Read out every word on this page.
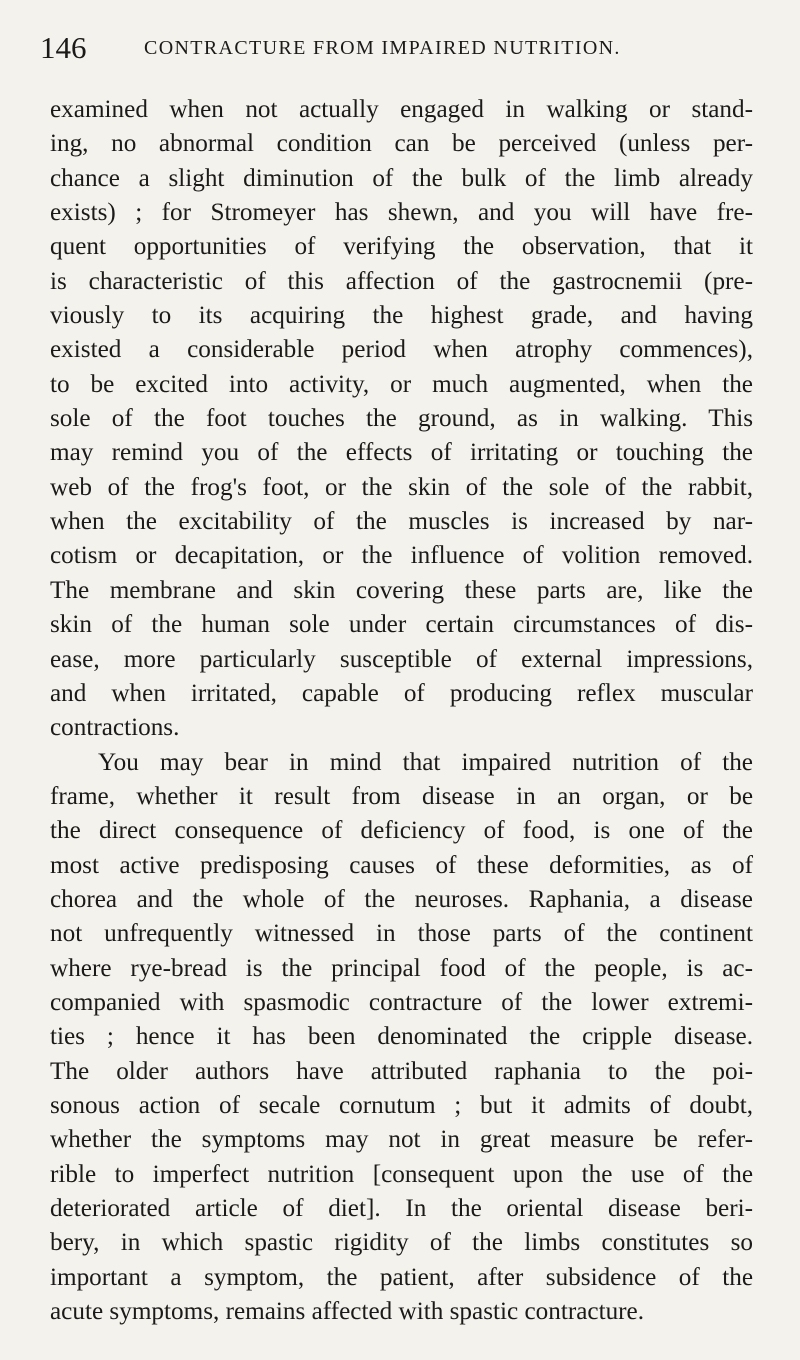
146	CONTRACTURE FROM IMPAIRED NUTRITION.
examined when not actually engaged in walking or stand-
ing, no abnormal condition can be perceived (unless per-
chance a slight diminution of the bulk of the limb already
exists) ; for Stromeyer has shewn, and you will have fre-
quent opportunities of verifying the observation, that it
is characteristic of this affection of the gastrocnemii (pre-
viously to its acquiring the highest grade, and having
existed a considerable period when atrophy commences),
to be excited into activity, or much augmented, when the
sole of the foot touches the ground, as in walking. This
may remind you of the effects of irritating or touching the
web of the frog's foot, or the skin of the sole of the rabbit,
when the excitability of the muscles is increased by nar-
cotism or decapitation, or the influence of volition removed.
The membrane and skin covering these parts are, like the
skin of the human sole under certain circumstances of dis-
ease, more particularly susceptible of external impressions,
and when irritated, capable of producing reflex muscular
contractions.
You may bear in mind that impaired nutrition of the
frame, whether it result from disease in an organ, or be
the direct consequence of deficiency of food, is one of the
most active predisposing causes of these deformities, as of
chorea and the whole of the neuroses. Raphania, a disease
not unfrequently witnessed in those parts of the continent
where rye-bread is the principal food of the people, is ac-
companied with spasmodic contracture of the lower extremi-
ties ; hence it has been denominated the cripple disease.
The older authors have attributed raphania to the poi-
sonous action of secale cornutum ; but it admits of doubt,
whether the symptoms may not in great measure be refer-
rible to imperfect nutrition [consequent upon the use of the
deteriorated article of diet]. In the oriental disease beri-
bery, in which spastic rigidity of the limbs constitutes so
important a symptom, the patient, after subsidence of the
acute symptoms, remains affected with spastic contracture.
